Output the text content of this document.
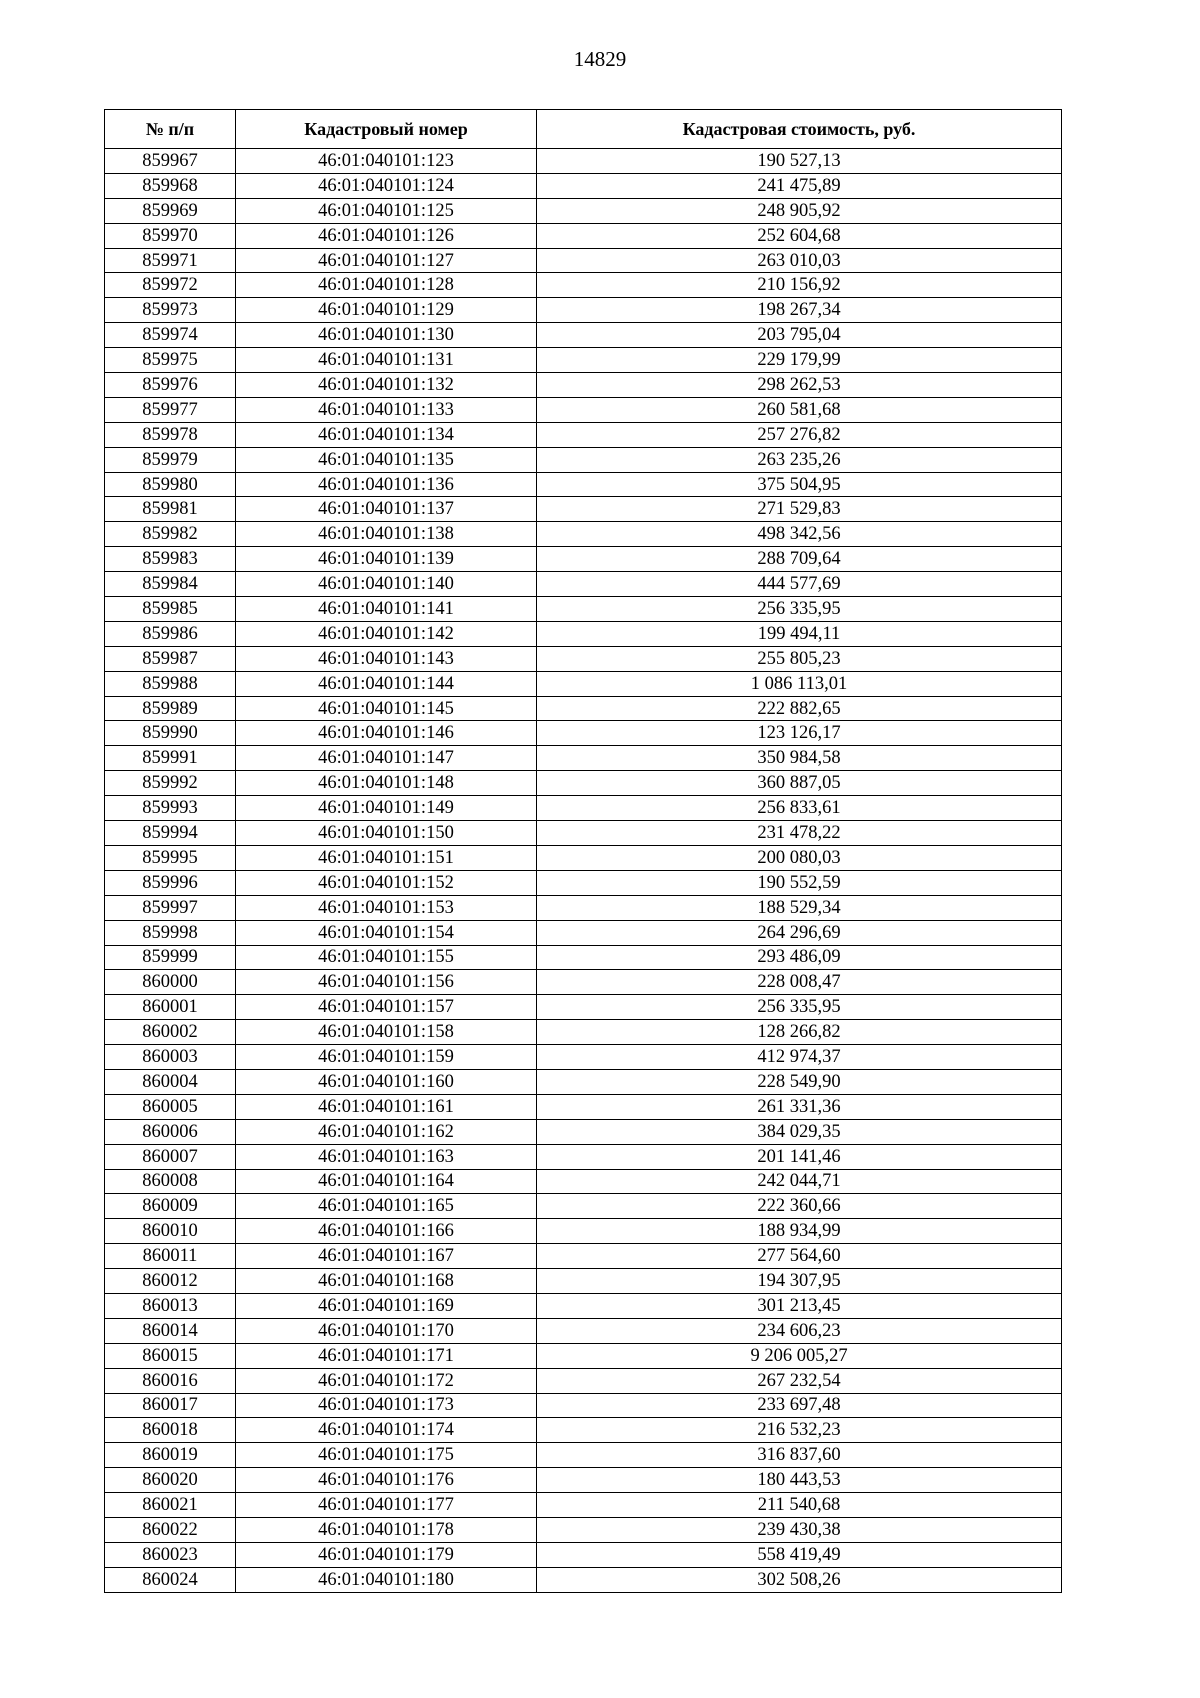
14829
№ п/п	Кадастровый номер	Кадастровая стоимость, руб.
859967	46:01:040101:123	190 527,13
859968	46:01:040101:124	241 475,89
859969	46:01:040101:125	248 905,92
859970	46:01:040101:126	252 604,68
859971	46:01:040101:127	263 010,03
859972	46:01:040101:128	210 156,92
859973	46:01:040101:129	198 267,34
859974	46:01:040101:130	203 795,04
859975	46:01:040101:131	229 179,99
859976	46:01:040101:132	298 262,53
859977	46:01:040101:133	260 581,68
859978	46:01:040101:134	257 276,82
859979	46:01:040101:135	263 235,26
859980	46:01:040101:136	375 504,95
859981	46:01:040101:137	271 529,83
859982	46:01:040101:138	498 342,56
859983	46:01:040101:139	288 709,64
859984	46:01:040101:140	444 577,69
859985	46:01:040101:141	256 335,95
859986	46:01:040101:142	199 494,11
859987	46:01:040101:143	255 805,23
859988	46:01:040101:144	1 086 113,01
859989	46:01:040101:145	222 882,65
859990	46:01:040101:146	123 126,17
859991	46:01:040101:147	350 984,58
859992	46:01:040101:148	360 887,05
859993	46:01:040101:149	256 833,61
859994	46:01:040101:150	231 478,22
859995	46:01:040101:151	200 080,03
859996	46:01:040101:152	190 552,59
859997	46:01:040101:153	188 529,34
859998	46:01:040101:154	264 296,69
859999	46:01:040101:155	293 486,09
860000	46:01:040101:156	228 008,47
860001	46:01:040101:157	256 335,95
860002	46:01:040101:158	128 266,82
860003	46:01:040101:159	412 974,37
860004	46:01:040101:160	228 549,90
860005	46:01:040101:161	261 331,36
860006	46:01:040101:162	384 029,35
860007	46:01:040101:163	201 141,46
860008	46:01:040101:164	242 044,71
860009	46:01:040101:165	222 360,66
860010	46:01:040101:166	188 934,99
860011	46:01:040101:167	277 564,60
860012	46:01:040101:168	194 307,95
860013	46:01:040101:169	301 213,45
860014	46:01:040101:170	234 606,23
860015	46:01:040101:171	9 206 005,27
860016	46:01:040101:172	267 232,54
860017	46:01:040101:173	233 697,48
860018	46:01:040101:174	216 532,23
860019	46:01:040101:175	316 837,60
860020	46:01:040101:176	180 443,53
860021	46:01:040101:177	211 540,68
860022	46:01:040101:178	239 430,38
860023	46:01:040101:179	558 419,49
860024	46:01:040101:180	302 508,26
